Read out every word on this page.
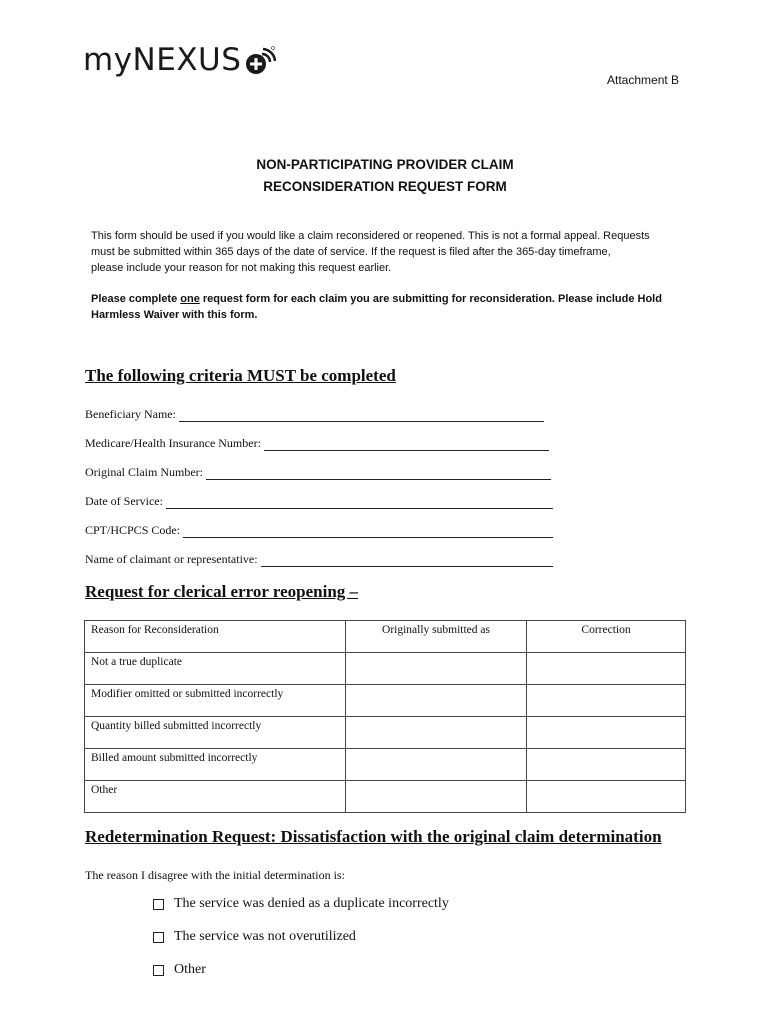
myNEXUS
Attachment B
NON-PARTICIPATING PROVIDER CLAIM
RECONSIDERATION REQUEST FORM
This form should be used if you would like a claim reconsidered or reopened. This is not a formal appeal. Requests
must be submitted within 365 days of the date of service. If the request is filed after the 365-day timeframe,
please include your reason for not making this request earlier.
Please complete one request form for each claim you are submitting for reconsideration. Please include Hold
Harmless Waiver with this form.
The following criteria MUST be completed
Beneficiary Name:
Medicare/Health Insurance Number:
Original Claim Number:
Date of Service:
CPT/HCPCS Code:
Name of claimant or representative:
Request for clerical error reopening –
Reason for Reconsideration	Originally submitted as	Correction
Not a true duplicate		
Modifier omitted or submitted incorrectly		
Quantity billed submitted incorrectly		
Billed amount submitted incorrectly		
Other		
Redetermination Request: Dissatisfaction with the original claim determination
The reason I disagree with the initial determination is:
The service was denied as a duplicate incorrectly
The service was not overutilized
Other
